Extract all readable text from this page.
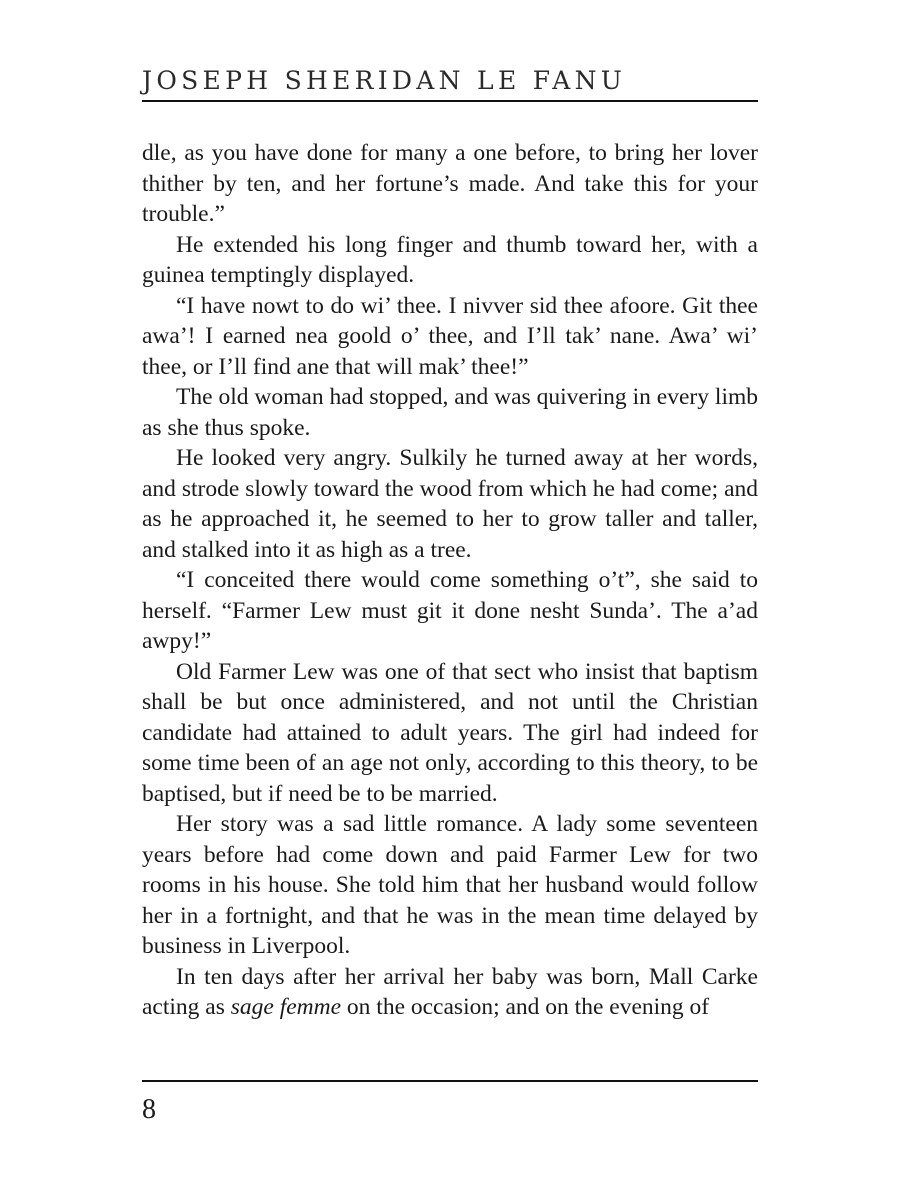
JOSEPH SHERIDAN LE FANU

dle, as you have done for many a one before, to bring her lover thither by ten, and her fortune’s made. And take this for your trouble.”

He extended his long finger and thumb toward her, with a guinea temptingly displayed.

“I have nowt to do wi’ thee. I nivver sid thee afoore. Git thee awa’! I earned nea goold o’ thee, and I’ll tak’ nane. Awa’ wi’ thee, or I’ll find ane that will mak’ thee!”

The old woman had stopped, and was quivering in every limb as she thus spoke.

He looked very angry. Sulkily he turned away at her words, and strode slowly toward the wood from which he had come; and as he approached it, he seemed to her to grow taller and taller, and stalked into it as high as a tree.

“I conceited there would come something o’t”, she said to herself. “Farmer Lew must git it done nesht Sunda’. The a’ad awpy!”

Old Farmer Lew was one of that sect who insist that baptism shall be but once administered, and not until the Christian candidate had attained to adult years. The girl had indeed for some time been of an age not only, according to this theory, to be baptised, but if need be to be married.

Her story was a sad little romance. A lady some seventeen years before had come down and paid Farmer Lew for two rooms in his house. She told him that her husband would follow her in a fortnight, and that he was in the mean time delayed by business in Liverpool.

In ten days after her arrival her baby was born, Mall Carke acting as sage femme on the occasion; and on the evening of

8
